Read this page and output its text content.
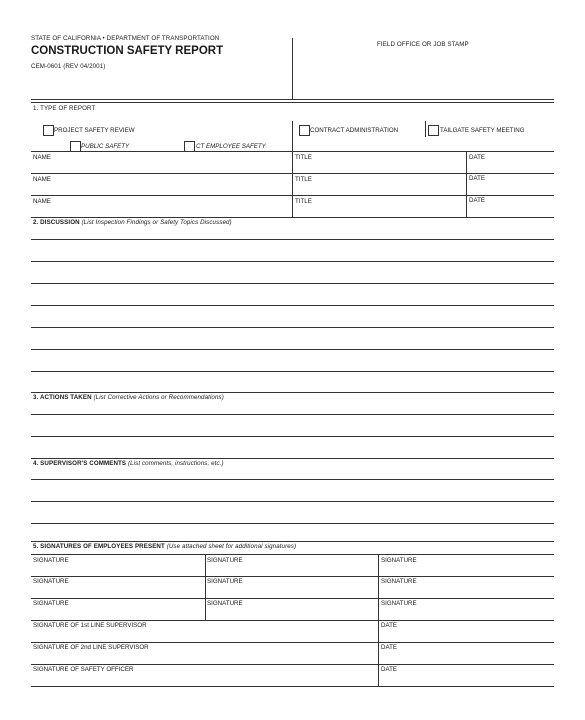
STATE OF CALIFORNIA • DEPARTMENT OF TRANSPORTATION
CONSTRUCTION SAFETY REPORT
CEM-0601 (REV 04/2001)
FIELD OFFICE OR JOB STAMP
1. TYPE OF REPORT
PROJECT SAFETY REVIEW	CONTRACT ADMINISTRATION	TAILGATE SAFETY MEETING
PUBLIC SAFETY	CT EMPLOYEE SAFETY
NAME	TITLE	DATE
NAME	TITLE	DATE
NAME	TITLE	DATE
2. DISCUSSION (List Inspection Findings or Safety Topics Discussed)
3. ACTIONS TAKEN (List Corrective Actions or Recommendations)
4. SUPERVISOR'S COMMENTS (List comments, instructions, etc.)
5. SIGNATURES OF EMPLOYEES PRESENT (Use attached sheet for additional signatures)
SIGNATURE	SIGNATURE	SIGNATURE
SIGNATURE	SIGNATURE	SIGNATURE
SIGNATURE	SIGNATURE	SIGNATURE
SIGNATURE OF 1st LINE SUPERVISOR	DATE
SIGNATURE OF 2nd LINE SUPERVISOR	DATE
SIGNATURE OF SAFETY OFFICER	DATE
